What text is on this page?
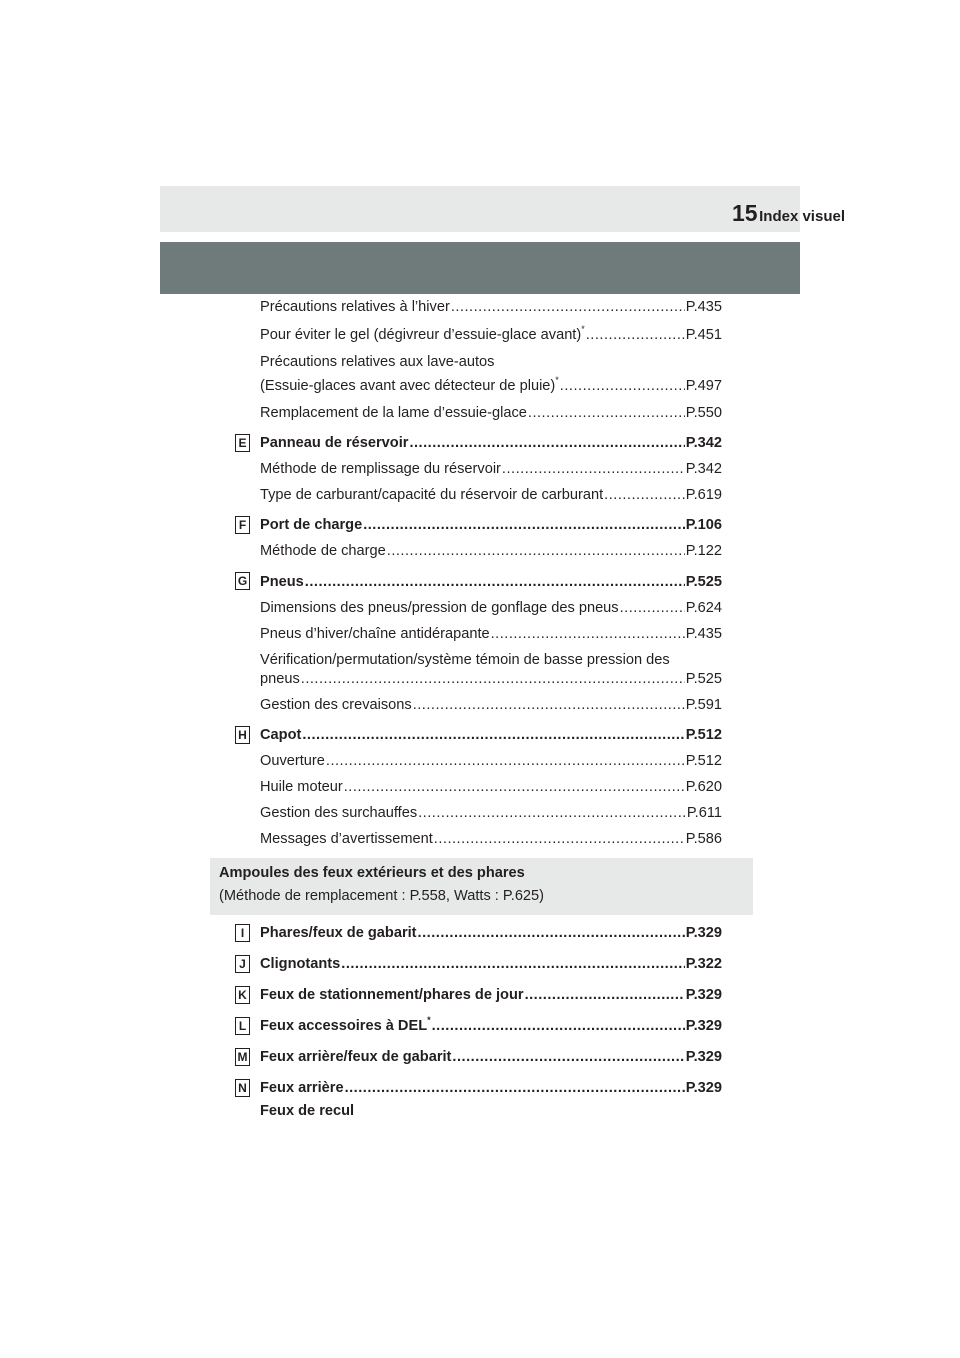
Index visuel
15
Précautions relatives à l’hiver .....	P.435
Pour éviter le gel (dégivreur d’essuie-glace avant)* .....	P.451
Précautions relatives aux lave-autos
(Essuie-glaces avant avec détecteur de pluie)* .....	P.497
Remplacement de la lame d’essuie-glace .....	P.550
E Panneau de réservoir .....	P.342
Méthode de remplissage du réservoir .....	P.342
Type de carburant/capacité du réservoir de carburant .....	P.619
F Port de charge .....	P.106
Méthode de charge .....	P.122
G Pneus .....	P.525
Dimensions des pneus/pression de gonflage des pneus .....	P.624
Pneus d’hiver/chaîne antidérapante .....	P.435
Vérification/permutation/système témoin de basse pression des
pneus .....	P.525
Gestion des crevaisons .....	P.591
H Capot .....	P.512
Ouverture .....	P.512
Huile moteur .....	P.620
Gestion des surchauffes .....	P.611
Messages d’avertissement .....	P.586
Ampoules des feux extérieurs et des phares
(Méthode de remplacement : P.558, Watts : P.625)
I	Phares/feux de gabarit .....	P.329
J Clignotants .....	P.322
K Feux de stationnement/phares de jour .....	P.329
L Feux accessoires à DEL* .....	P.329
M Feux arrière/feux de gabarit .....	P.329
N Feux arrière .....	P.329
Feux de recul
